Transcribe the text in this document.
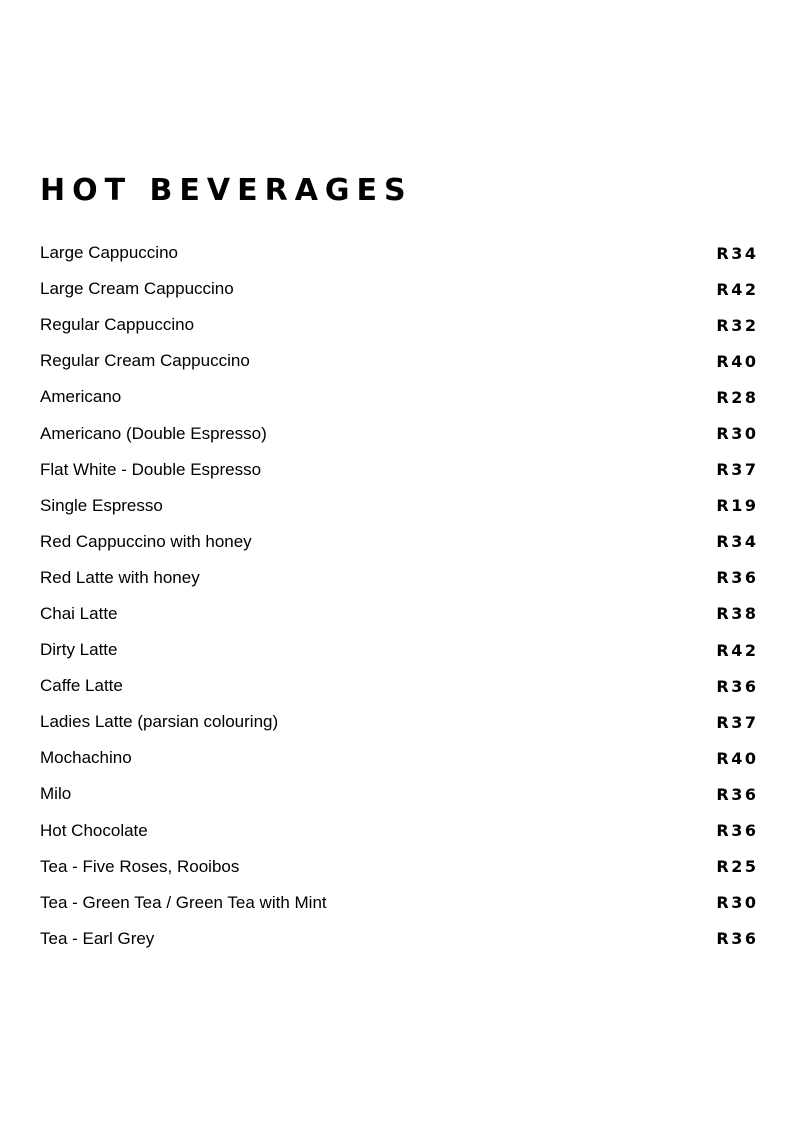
HOT BEVERAGES
Large Cappuccino	R34
Large Cream Cappuccino	R42
Regular Cappuccino	R32
Regular Cream Cappuccino	R40
Americano	R28
Americano (Double Espresso)	R30
Flat White - Double Espresso	R37
Single Espresso	R19
Red Cappuccino with honey	R34
Red Latte with honey	R36
Chai Latte	R38
Dirty Latte	R42
Caffe Latte	R36
Ladies Latte (parsian colouring)	R37
Mochachino	R40
Milo	R36
Hot Chocolate	R36
Tea - Five Roses, Rooibos	R25
Tea - Green Tea / Green Tea with Mint	R30
Tea - Earl Grey	R36
